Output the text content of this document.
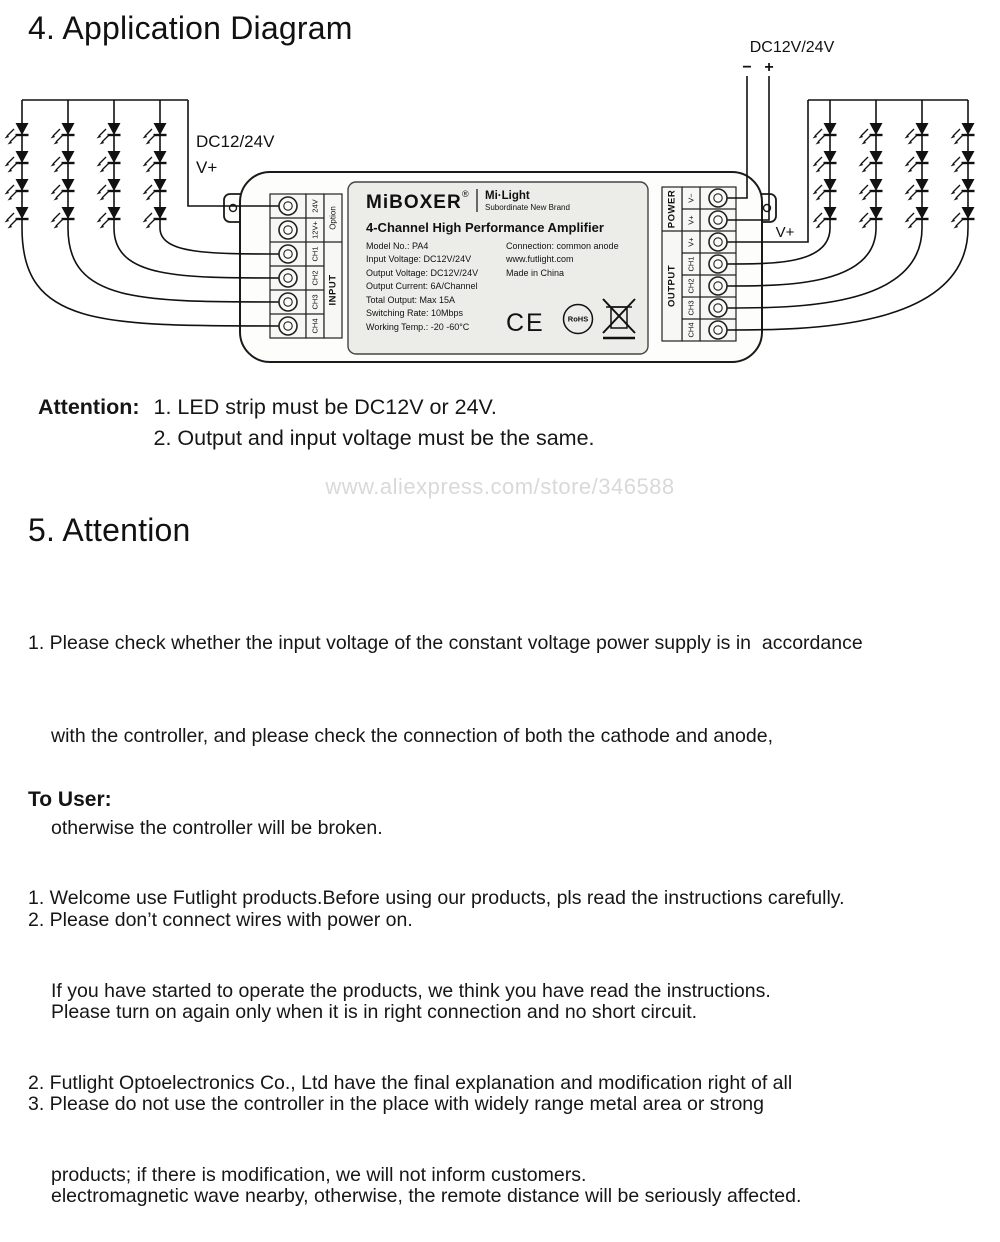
4. Application Diagram
MiBOXER ® Mi·Light
Subordinate New Brand
4-Channel High Performance Amplifier
Model No.: PA4
Input Voltage: DC12V/24V
Output Voltage: DC12V/24V
Output Current: 6A/Channel
Total Output: Max 15A
Switching Rate: 10Mbps
Working Temp.: -20 -60°C
Connection: common anode
www.futlight.com
Made in China
CE	RoHS
24V
12V+
CH1
CH2
CH3
CH4
Option
INPUT
V−
V+
V+
CH1
CH2
CH3
CH4
POWER
OUTPUT
DC12V/24V
− +
DC12/24V
V+
V+
Attention: 1. LED strip must be DC12V or 24V.
2. Output and input voltage must be the same.
www.aliexpress.com/store/346588
5. Attention

1. Please check whether the input voltage of the constant voltage power supply is in  accordance

with the controller, and please check the connection of both the cathode and anode,

otherwise the controller will be broken.

2. Please don’t connect wires with power on.

Please turn on again only when it is in right connection and no short circuit.

3. Please do not use the controller in the place with widely range metal area or strong

electromagnetic wave nearby, otherwise, the remote distance will be seriously affected.

To User:

1. Welcome use Futlight products.Before using our products, pls read the instructions carefully.

If you have started to operate the products, we think you have read the instructions.

2. Futlight Optoelectronics Co., Ltd have the final explanation and modification right of all

products; if there is modification, we will not inform customers.
